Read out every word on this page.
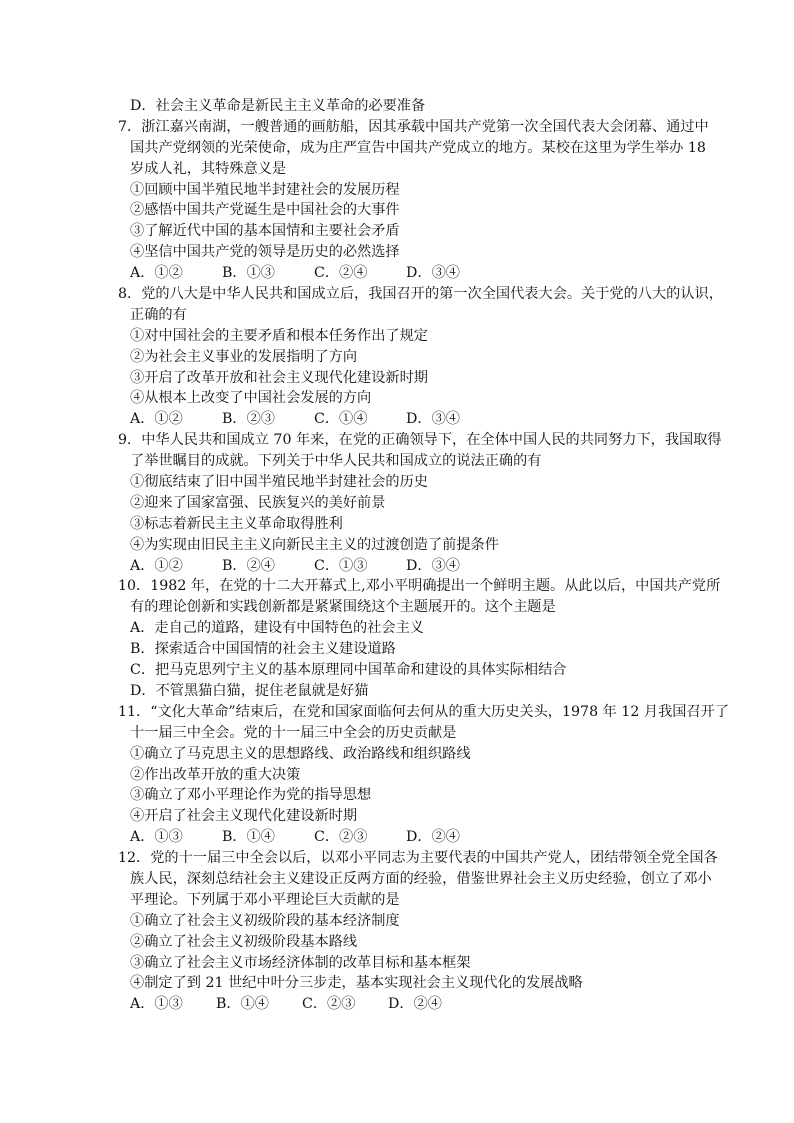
D．社会主义革命是新民主主义革命的必要准备
7．浙江嘉兴南湖，一艘普通的画舫船，因其承载中国共产党第一次全国代表大会闭幕、通过中
国共产党纲领的光荣使命，成为庄严宣告中国共产党成立的地方。某校在这里为学生举办 18
岁成人礼，其特殊意义是
①回顾中国半殖民地半封建社会的发展历程
②感悟中国共产党诞生是中国社会的大事件
③了解近代中国的基本国情和主要社会矛盾
④坚信中国共产党的领导是历史的必然选择
A．①②	B．①③	C．②④	D．③④
8．党的八大是中华人民共和国成立后，我国召开的第一次全国代表大会。关于党的八大的认识，
正确的有
①对中国社会的主要矛盾和根本任务作出了规定
②为社会主义事业的发展指明了方向
③开启了改革开放和社会主义现代化建设新时期
④从根本上改变了中国社会发展的方向
A．①②	B．②③	C．①④	D．③④
9．中华人民共和国成立 70 年来，在党的正确领导下，在全体中国人民的共同努力下，我国取得
了举世瞩目的成就。下列关于中华人民共和国成立的说法正确的有
①彻底结束了旧中国半殖民地半封建社会的历史
②迎来了国家富强、民族复兴的美好前景
③标志着新民主主义革命取得胜利
④为实现由旧民主主义向新民主主义的过渡创造了前提条件
A．①②	B．②④	C．①③	D．③④
10．1982 年，在党的十二大开幕式上,邓小平明确提出一个鲜明主题。从此以后，中国共产党所
有的理论创新和实践创新都是紧紧围绕这个主题展开的。这个主题是
A．走自己的道路，建设有中国特色的社会主义
B．探索适合中国国情的社会主义建设道路
C．把马克思列宁主义的基本原理同中国革命和建设的具体实际相结合
D．不管黑猫白猫，捉住老鼠就是好猫
11．“文化大革命”结束后，在党和国家面临何去何从的重大历史关头，1978 年 12 月我国召开了
十一届三中全会。党的十一届三中全会的历史贡献是
①确立了马克思主义的思想路线、政治路线和组织路线
②作出改革开放的重大决策
③确立了邓小平理论作为党的指导思想
④开启了社会主义现代化建设新时期
A．①③	B．①④	C．②③	D．②④
12．党的十一届三中全会以后，以邓小平同志为主要代表的中国共产党人，团结带领全党全国各
族人民，深刻总结社会主义建设正反两方面的经验，借鉴世界社会主义历史经验，创立了邓小
平理论。下列属于邓小平理论巨大贡献的是
①确立了社会主义初级阶段的基本经济制度
②确立了社会主义初级阶段基本路线
③确立了社会主义市场经济体制的改革目标和基本框架
④制定了到 21 世纪中叶分三步走，基本实现社会主义现代化的发展战略
A．①③	B．①④	C．②③	D．②④
